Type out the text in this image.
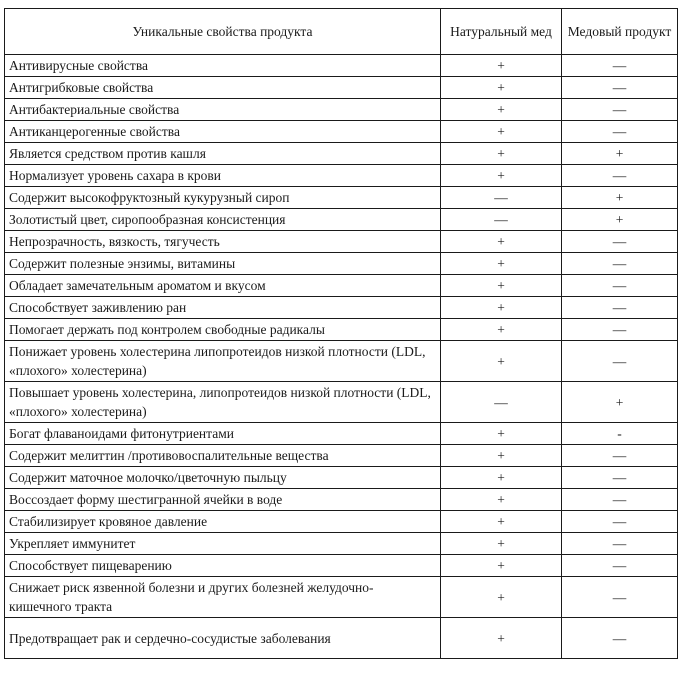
Уникальные свойства продукта	Натуральный мед	Медовый продукт
Антивирусные свойства	+	—
Антигрибковые свойства	+	—
Антибактериальные свойства	+	—
Антиканцерогенные свойства	+	—
Является средством против кашля	+	+
Нормализует уровень сахара в крови	+	—
Содержит высокофруктозный кукурузный сироп	—	+
Золотистый цвет, сиропообразная консистенция	—	+
Непрозрачность, вязкость, тягучесть	+	—
Содержит полезные энзимы, витамины	+	—
Обладает замечательным ароматом и вкусом	+	—
Способствует заживлению ран	+	—
Помогает держать под контролем свободные радикалы	+	—
Понижает уровень холестерина липопротеидов низкой плотности (LDL, «плохого» холестерина)	+	—
Повышает уровень холестерина, липопротеидов низкой плотности (LDL, «плохого» холестерина)	—	+
Богат флаваноидами фитонутриентами	+	-
Содержит мелиттин /противовоспалительные вещества	+	—
Содержит маточное молочко/цветочную пыльцу	+	—
Воссоздает форму шестигранной ячейки в воде	+	—
Стабилизирует кровяное давление	+	—
Укрепляет иммунитет	+	—
Способствует пищеварению	+	—
Снижает риск язвенной болезни и других болезней желудочно-кишечного тракта	+	—
Предотвращает рак и сердечно-сосудистые заболевания	+	—
